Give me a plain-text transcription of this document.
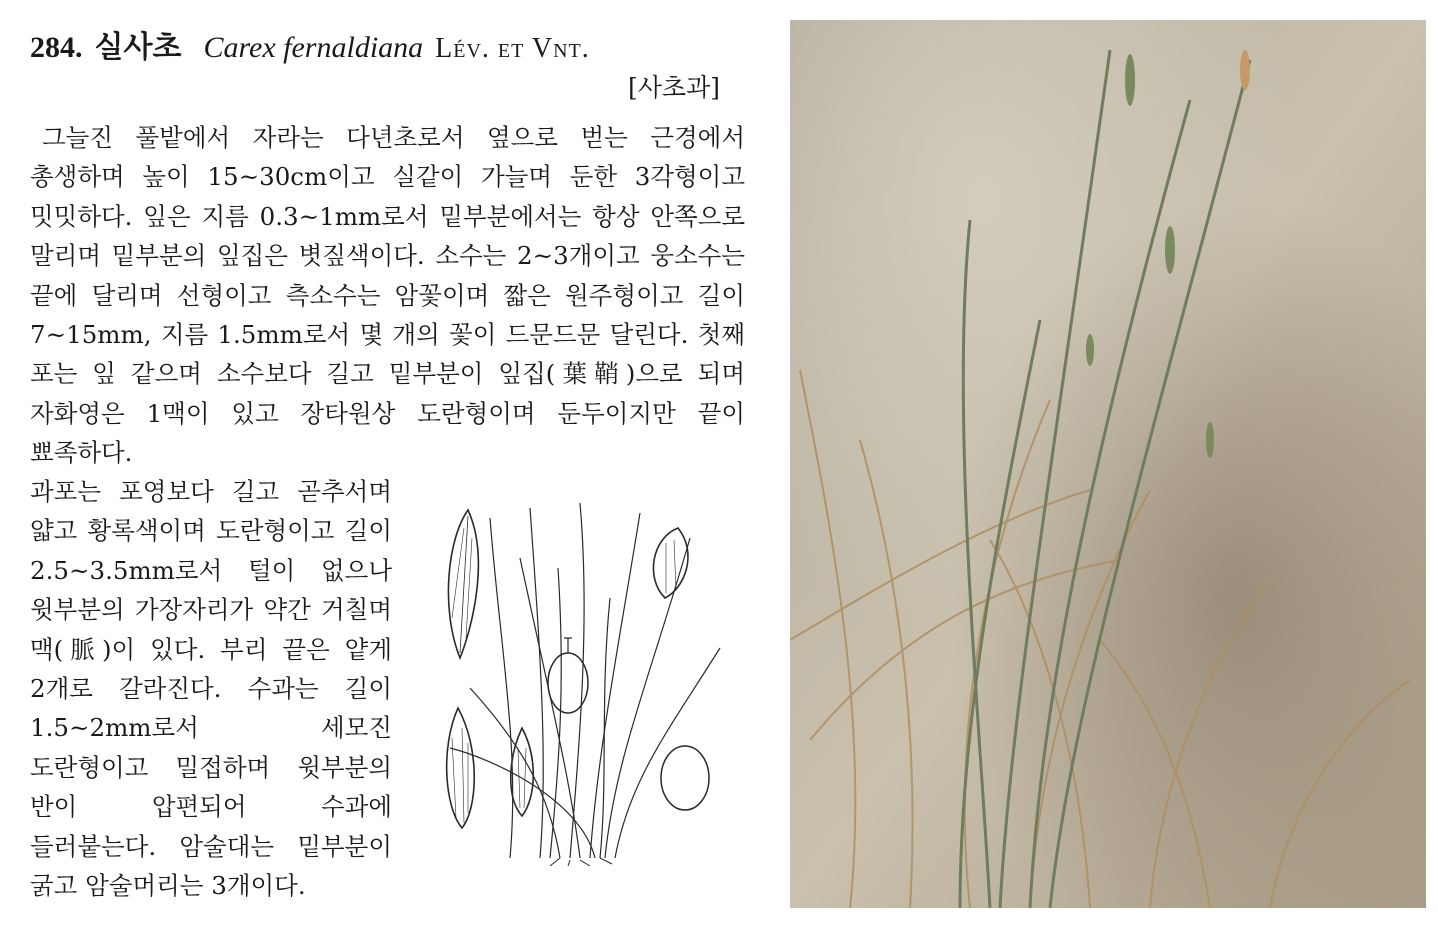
284. 실사초 Carex fernaldiana Lév. et Vnt.
[사초과]

그늘진 풀밭에서 자라는 다년초로서 옆으로 벋는 근경에서 총생하며 높이 15~30cm이고 실같이 가늘며 둔한 3각형이고 밋밋하다. 잎은 지름 0.3~1mm로서 밑부분에서는 항상 안쪽으로 말리며 밑부분의 잎집은 볏짚색이다. 소수는 2~3개이고 웅소수는 끝에 달리며 선형이고 측소수는 암꽃이며 짧은 원주형이고 길이 7~15mm, 지름 1.5mm로서 몇 개의 꽃이 드문드문 달린다. 첫째 포는 잎 같으며 소수보다 길고 밑부분이 잎집(葉鞘)으로 되며 자화영은 1맥이 있고 장타원상 도란형이며 둔두이지만 끝이 뾰족하다.

과포는 포영보다 길고 곧추서며 얇고 황록색이며 도란형이고 길이 2.5~3.5mm로서 털이 없으나 윗부분의 가장자리가 약간 거칠며 맥(脈)이 있다. 부리 끝은 얕게 2개로 갈라진다. 수과는 길이 1.5~2mm로서 세모진 도란형이고 밀접하며 윗부분의 반이 압편되어 수과에 들러붙는다. 암술대는 밑부분이 굵고 암술머리는 3개이다.
